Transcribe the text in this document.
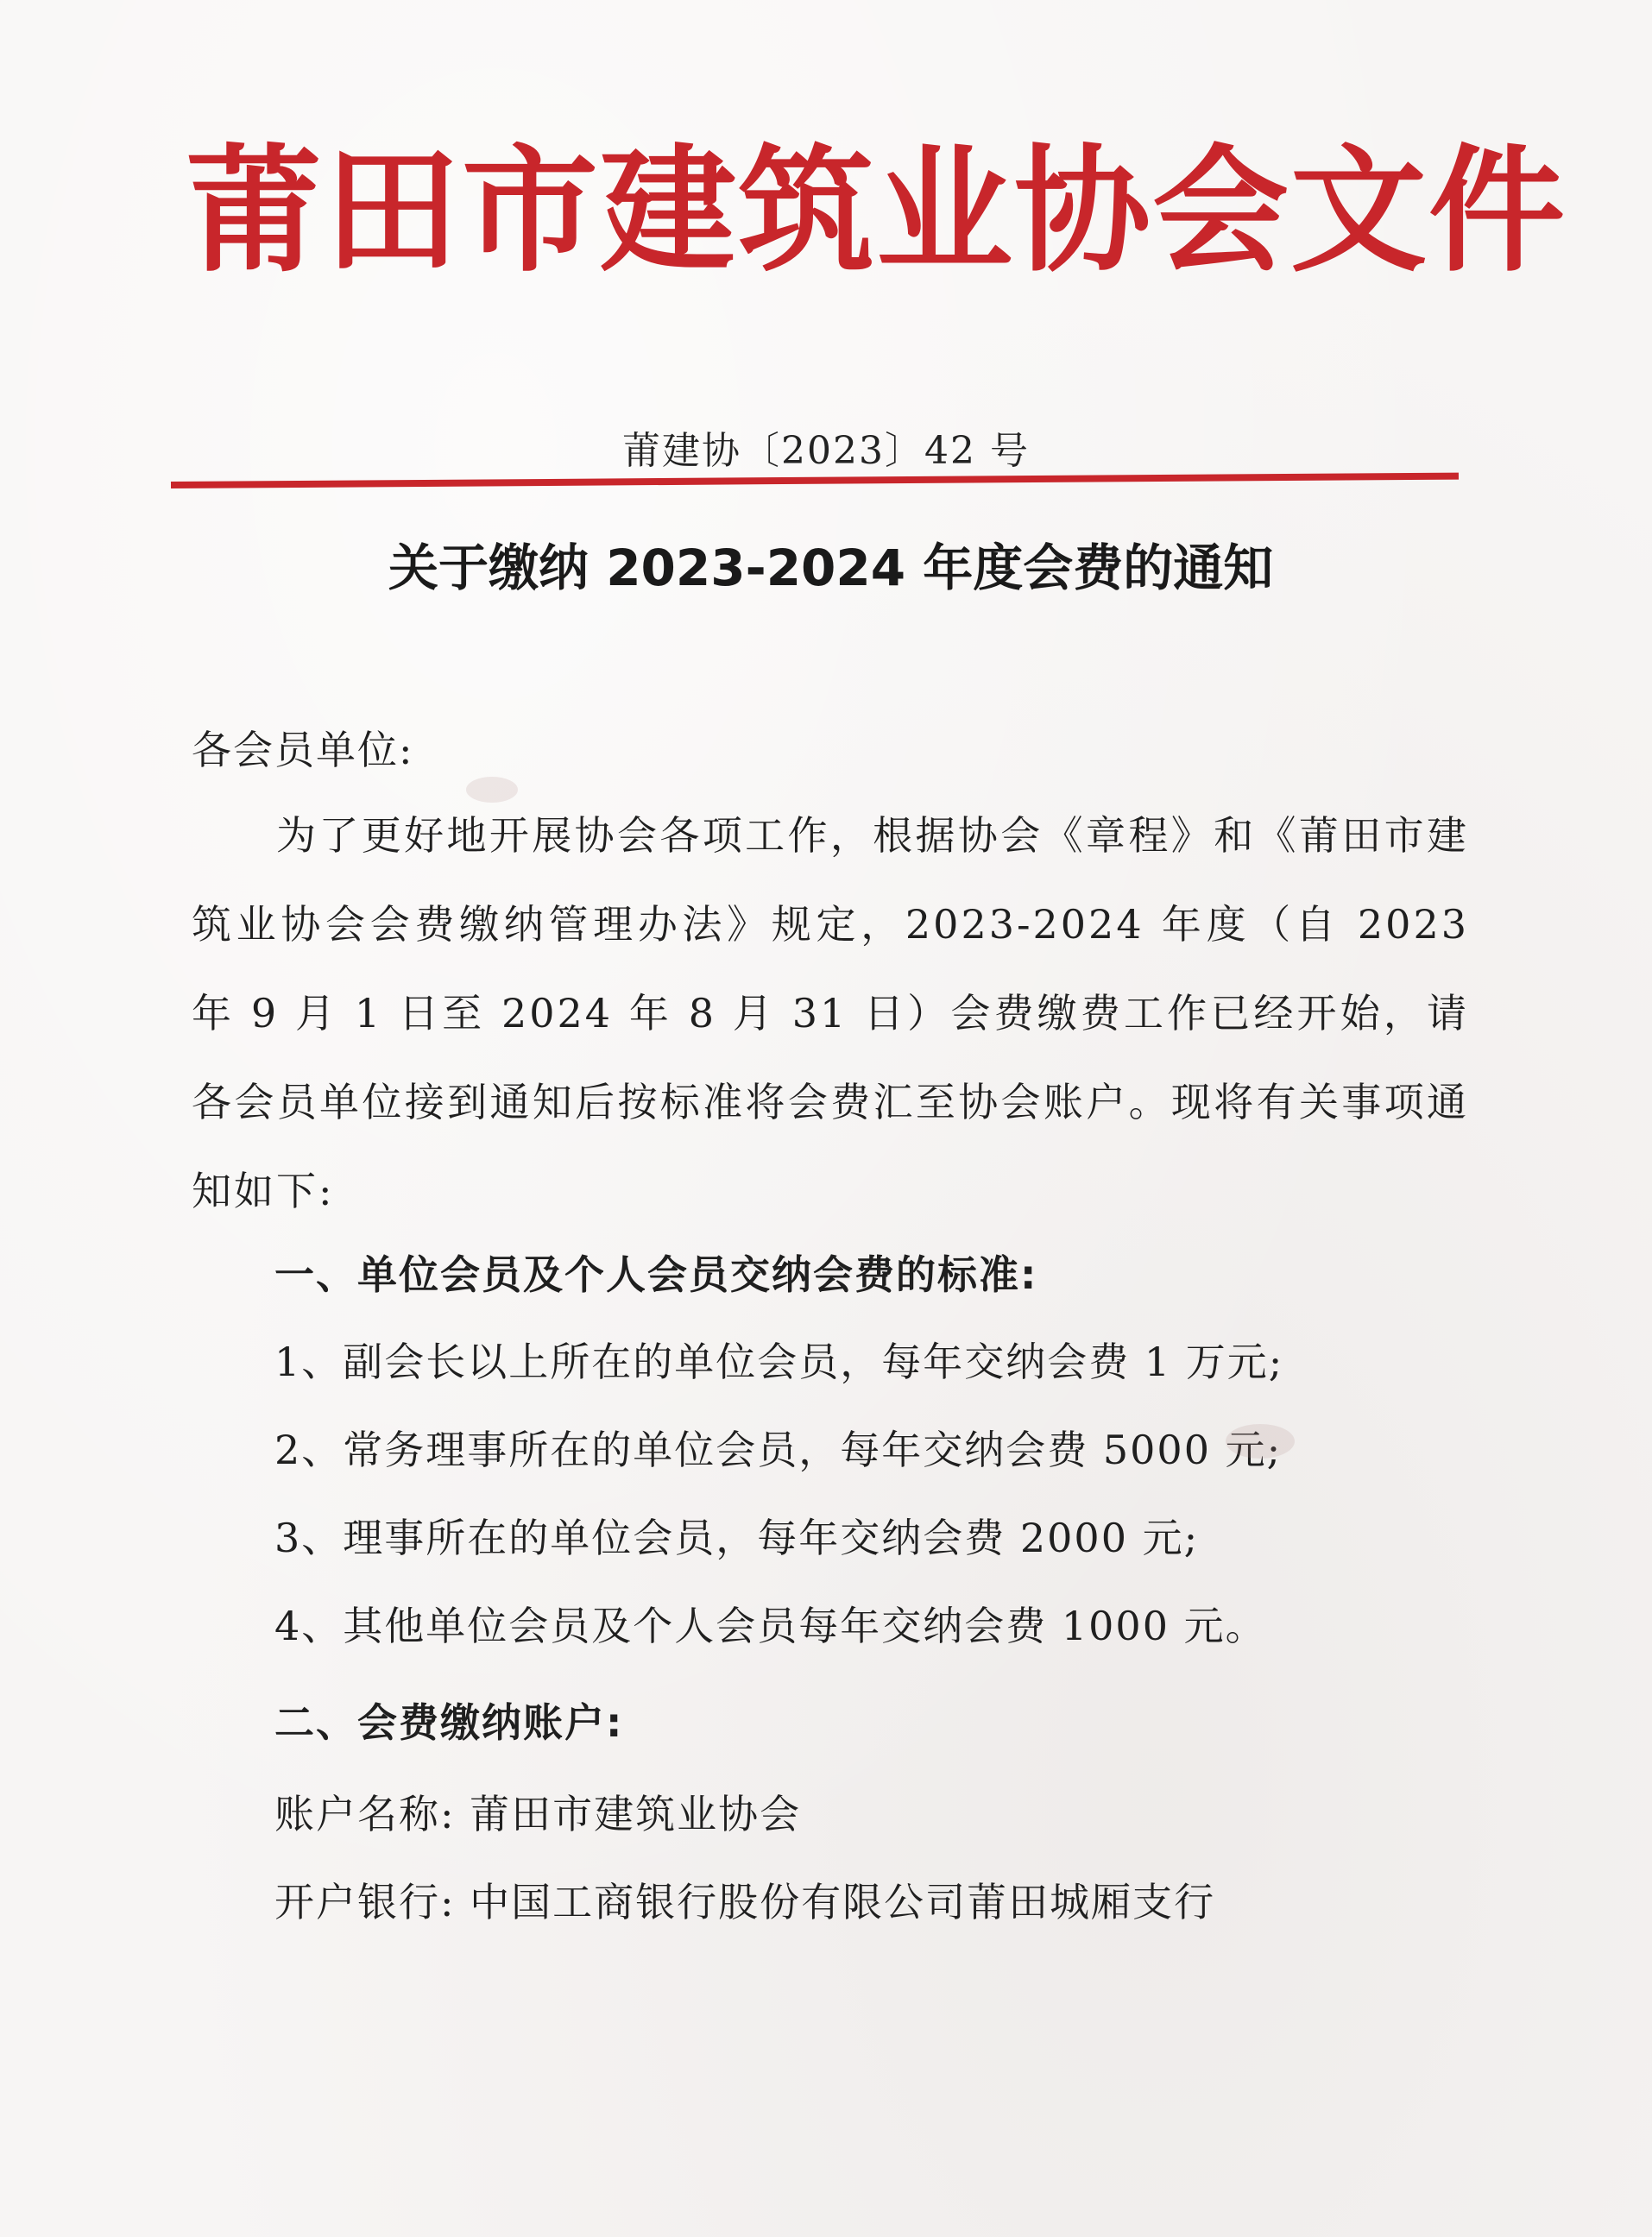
莆田市建筑业协会文件
莆建协〔2023〕42 号
关于缴纳 2023-2024 年度会费的通知
各会员单位:
为了更好地开展协会各项工作，根据协会《章程》和《莆田市建筑业协会会费缴纳管理办法》规定，2023-2024 年度（自 2023 年 9 月 1 日至 2024 年 8 月 31 日）会费缴费工作已经开始，请各会员单位接到通知后按标准将会费汇至协会账户。现将有关事项通知如下:
一、单位会员及个人会员交纳会费的标准:
1、副会长以上所在的单位会员，每年交纳会费 1 万元;
2、常务理事所在的单位会员，每年交纳会费 5000 元;
3、理事所在的单位会员，每年交纳会费 2000 元;
4、其他单位会员及个人会员每年交纳会费 1000 元。
二、会费缴纳账户:
账户名称: 莆田市建筑业协会
开户银行: 中国工商银行股份有限公司莆田城厢支行
